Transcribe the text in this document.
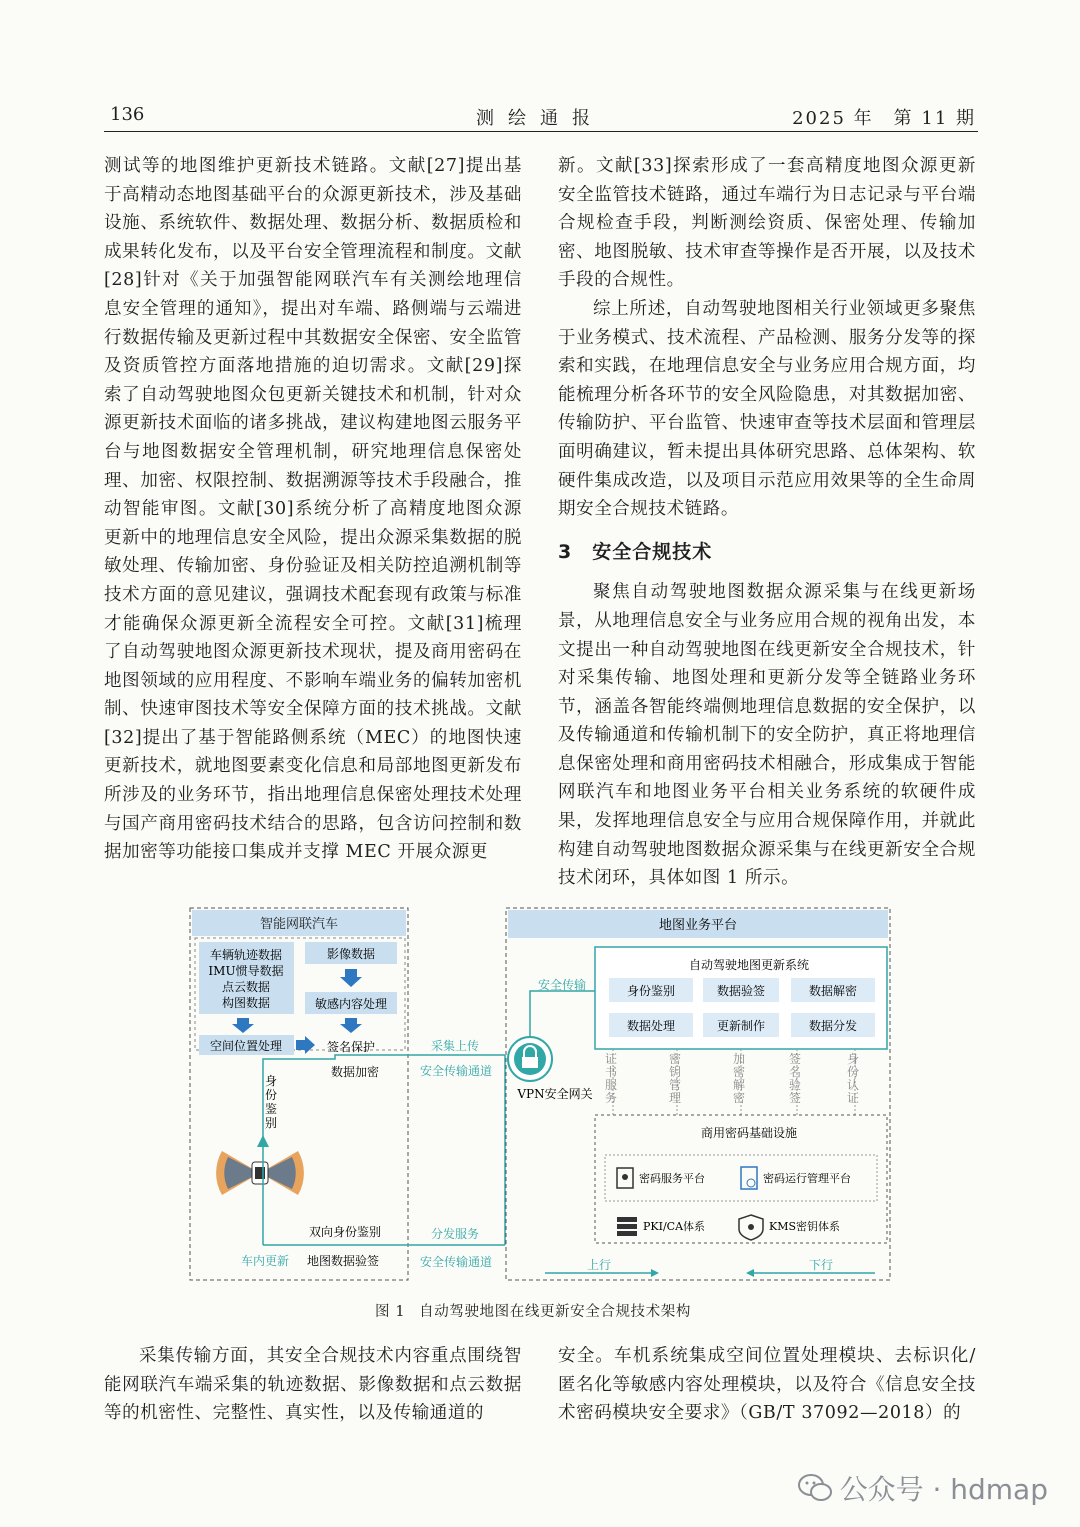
136	测绘通报	2025 年　第 11 期

测试等的地图维护更新技术链路。文献[27]提出基于高精动态地图基础平台的众源更新技术，涉及基础设施、系统软件、数据处理、数据分析、数据质检和成果转化发布，以及平台安全管理流程和制度。文献[28]针对《关于加强智能网联汽车有关测绘地理信息安全管理的通知》，提出对车端、路侧端与云端进行数据传输及更新过程中其数据安全保密、安全监管及资质管控方面落地措施的迫切需求。文献[29]探索了自动驾驶地图众包更新关键技术和机制，针对众源更新技术面临的诸多挑战，建议构建地图云服务平台与地图数据安全管理机制，研究地理信息保密处理、加密、权限控制、数据溯源等技术手段融合，推动智能审图。文献[30]系统分析了高精度地图众源更新中的地理信息安全风险，提出众源采集数据的脱敏处理、传输加密、身份验证及相关防控追溯机制等技术方面的意见建议，强调技术配套现有政策与标准才能确保众源更新全流程安全可控。文献[31]梳理了自动驾驶地图众源更新技术现状，提及商用密码在地图领域的应用程度、不影响车端业务的偏转加密机制、快速审图技术等安全保障方面的技术挑战。文献[32]提出了基于智能路侧系统（MEC）的地图快速更新技术，就地图要素变化信息和局部地图更新发布所涉及的业务环节，指出地理信息保密处理技术处理与国产商用密码技术结合的思路，包含访问控制和数据加密等功能接口集成并支撑 MEC 开展众源更

新。文献[33]探索形成了一套高精度地图众源更新安全监管技术链路，通过车端行为日志记录与平台端合规检查手段，判断测绘资质、保密处理、传输加密、地图脱敏、技术审查等操作是否开展，以及技术手段的合规性。

综上所述，自动驾驶地图相关行业领域更多聚焦于业务模式、技术流程、产品检测、服务分发等的探索和实践，在地理信息安全与业务应用合规方面，均能梳理分析各环节的安全风险隐患，对其数据加密、传输防护、平台监管、快速审查等技术层面和管理层面明确建议，暂未提出具体研究思路、总体架构、软硬件集成改造，以及项目示范应用效果等的全生命周期安全合规技术链路。

3　安全合规技术

聚焦自动驾驶地图数据众源采集与在线更新场景，从地理信息安全与业务应用合规的视角出发，本文提出一种自动驾驶地图在线更新安全合规技术，针对采集传输、地图处理和更新分发等全链路业务环节，涵盖各智能终端侧地理信息数据的安全保护，以及传输通道和传输机制下的安全防护，真正将地理信息保密处理和商用密码技术相融合，形成集成于智能网联汽车和地图业务平台相关业务系统的软硬件成果，发挥地理信息安全与应用合规保障作用，并就此构建自动驾驶地图数据众源采集与在线更新安全合规技术闭环，具体如图 1 所示。

智能网联汽车
车辆轨迹数据
IMU惯导数据
点云数据
构图数据
影像数据
敏感内容处理
空间位置处理	签名保护
数据加密
身份鉴别
双向身份鉴别
车内更新 地图数据验签
采集上传
安全传输通道
分发服务
安全传输通道
VPN安全网关
安全传输
地图业务平台
自动驾驶地图更新系统
身份鉴别	数据验签	数据解密
数据处理	更新制作	数据分发
证书服务
密钥管理
加密解密
签名验签
身份认证
商用密码基础设施
密码服务平台	密码运行管理平台
PKI/CA体系	KMS密钥体系
上行	下行
图 1 自动驾驶地图在线更新安全合规技术架构

采集传输方面，其安全合规技术内容重点围绕智能网联汽车端采集的轨迹数据、影像数据和点云数据等的机密性、完整性、真实性，以及传输通道的

安全。车机系统集成空间位置处理模块、去标识化/匿名化等敏感内容处理模块，以及符合《信息安全技术密码模块安全要求》（GB/T 37092—2018）的

公众号 · hdmap
